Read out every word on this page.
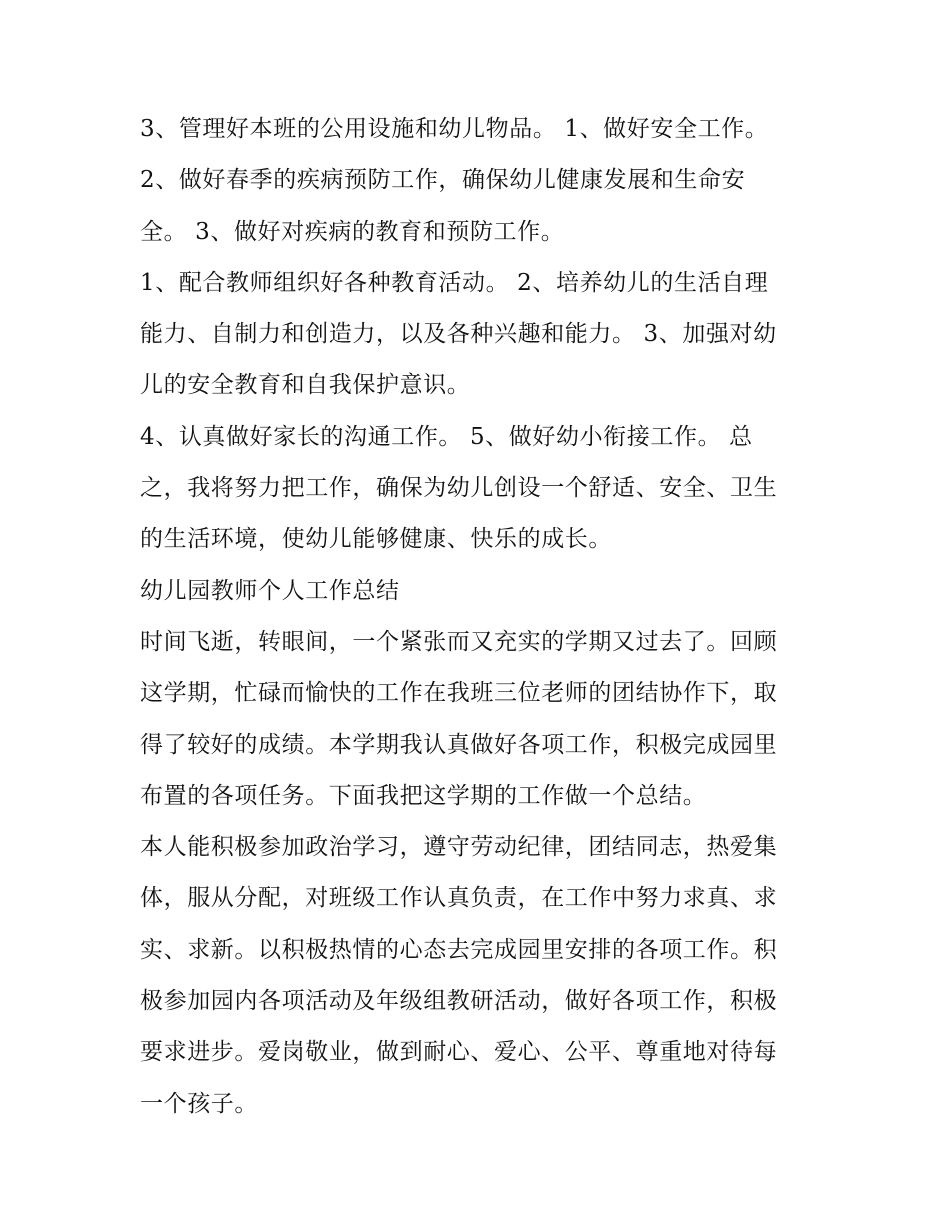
3、管理好本班的公用设施和幼儿物品。 1、做好安全工作。
2、做好春季的疾病预防工作，确保幼儿健康发展和生命安
全。 3、做好对疾病的教育和预防工作。
1、配合教师组织好各种教育活动。 2、培养幼儿的生活自理
能力、自制力和创造力，以及各种兴趣和能力。 3、加强对幼
儿的安全教育和自我保护意识。
4、认真做好家长的沟通工作。 5、做好幼小衔接工作。 总
之，我将努力把工作，确保为幼儿创设一个舒适、安全、卫生
的生活环境，使幼儿能够健康、快乐的成长。
幼儿园教师个人工作总结
时间飞逝，转眼间，一个紧张而又充实的学期又过去了。回顾
这学期，忙碌而愉快的工作在我班三位老师的团结协作下，取
得了较好的成绩。本学期我认真做好各项工作，积极完成园里
布置的各项任务。下面我把这学期的工作做一个总结。
本人能积极参加政治学习，遵守劳动纪律，团结同志，热爱集
体，服从分配，对班级工作认真负责，在工作中努力求真、求
实、求新。以积极热情的心态去完成园里安排的各项工作。积
极参加园内各项活动及年级组教研活动，做好各项工作，积极
要求进步。爱岗敬业，做到耐心、爱心、公平、尊重地对待每
一个孩子。
